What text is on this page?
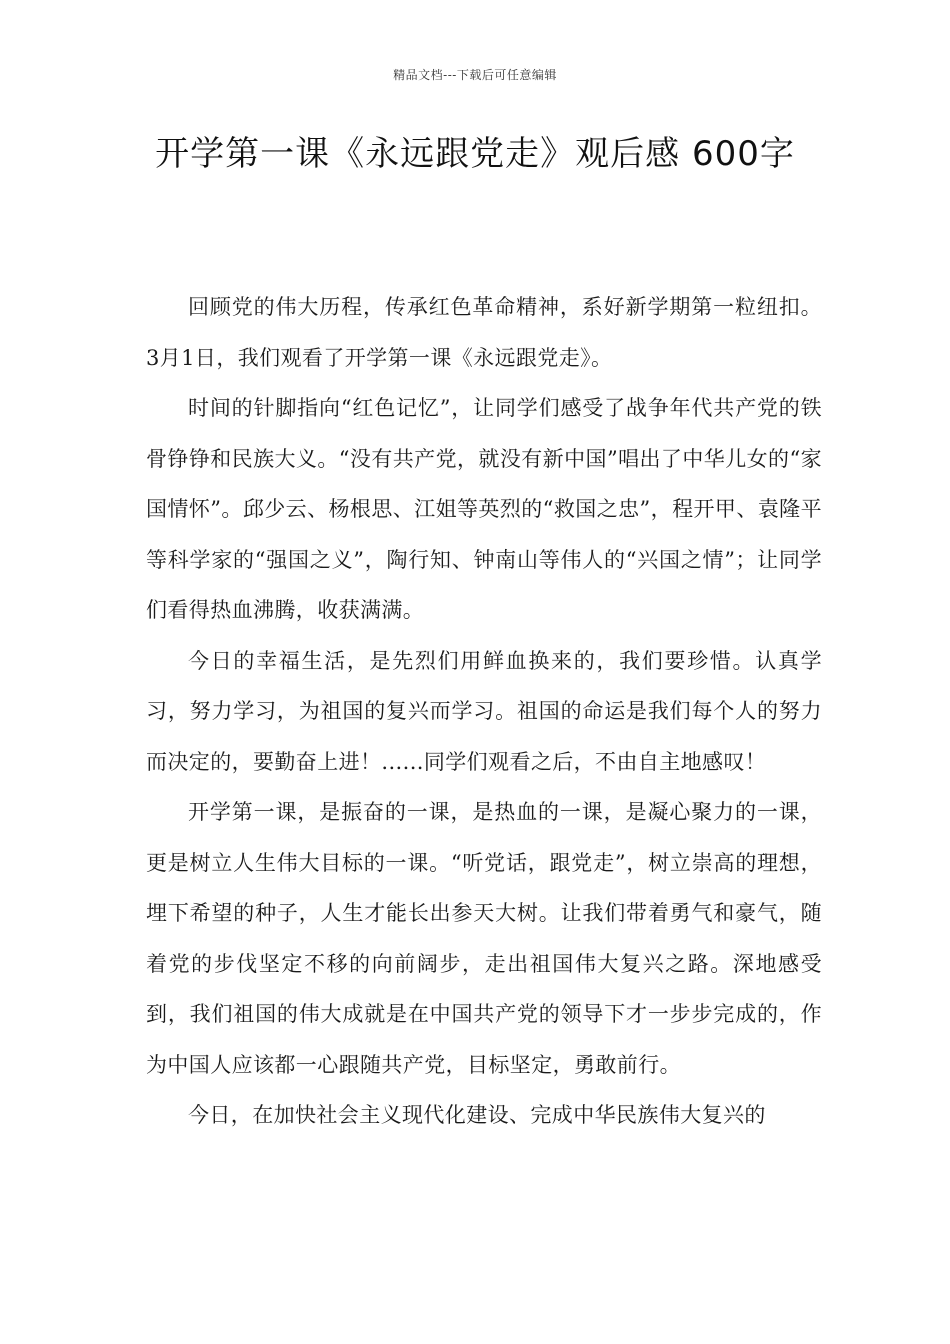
精品文档---下载后可任意编辑
开学第一课《永远跟党走》观后感 600字

回顾党的伟大历程，传承红色革命精神，系好新学期第一粒纽扣。3月1日，我们观看了开学第一课《永远跟党走》。

时间的针脚指向“红色记忆”，让同学们感受了战争年代共产党的铁骨铮铮和民族大义。“没有共产党，就没有新中国”唱出了中华儿女的“家国情怀”。邱少云、杨根思、江姐等英烈的“救国之忠”，程开甲、袁隆平等科学家的“强国之义”，陶行知、钟南山等伟人的“兴国之情”；让同学们看得热血沸腾，收获满满。

今日的幸福生活，是先烈们用鲜血换来的，我们要珍惜。认真学习，努力学习，为祖国的复兴而学习。祖国的命运是我们每个人的努力而决定的，要勤奋上进！......同学们观看之后，不由自主地感叹！

开学第一课，是振奋的一课，是热血的一课，是凝心聚力的一课，更是树立人生伟大目标的一课。“听党话，跟党走”，树立崇高的理想，埋下希望的种子，人生才能长出参天大树。让我们带着勇气和豪气，随着党的步伐坚定不移的向前阔步，走出祖国伟大复兴之路。深地感受到，我们祖国的伟大成就是在中国共产党的领导下才一步步完成的，作为中国人应该都一心跟随共产党，目标坚定，勇敢前行。

今日，在加快社会主义现代化建设、完成中华民族伟大复兴的
